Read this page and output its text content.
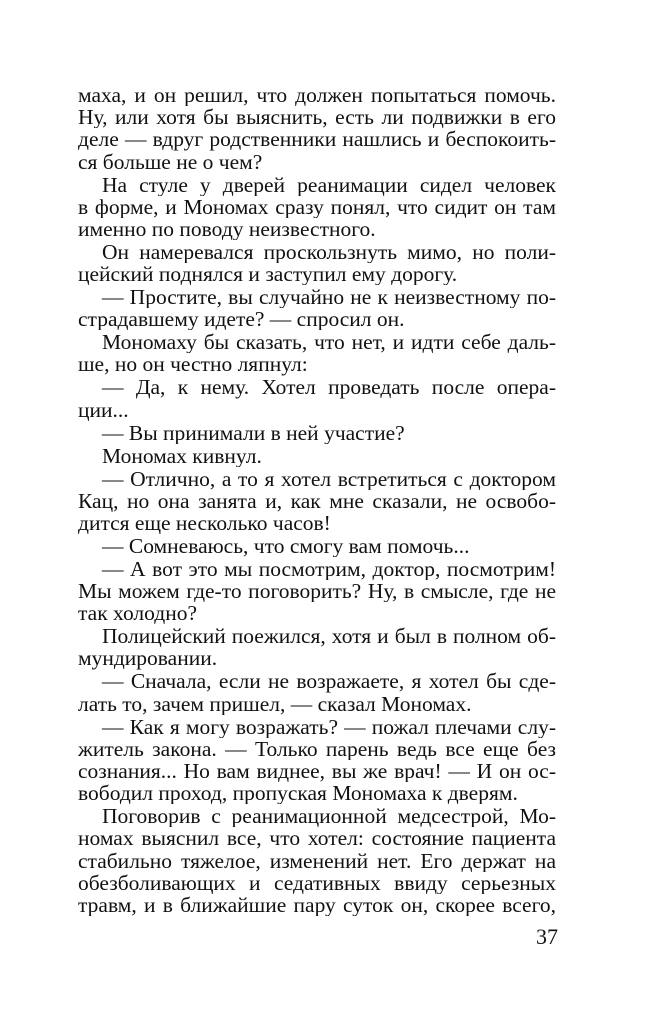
маха, и он решил, что должен попытаться помочь.
Ну, или хотя бы выяснить, есть ли подвижки в его
деле — вдруг родственники нашлись и беспокоить-
ся больше не о чем?
На стуле у дверей реанимации сидел человек
в форме, и Мономах сразу понял, что сидит он там
именно по поводу неизвестного.
Он намеревался проскользнуть мимо, но поли-
цейский поднялся и заступил ему дорогу.
— Простите, вы случайно не к неизвестному по-
страдавшему идете? — спросил он.
Мономаху бы сказать, что нет, и идти себе даль-
ше, но он честно ляпнул:
— Да, к нему. Хотел проведать после опера-
ции...
— Вы принимали в ней участие?
Мономах кивнул.
— Отлично, а то я хотел встретиться с доктором
Кац, но она занята и, как мне сказали, не освобо-
дится еще несколько часов!
— Сомневаюсь, что смогу вам помочь...
— А вот это мы посмотрим, доктор, посмотрим!
Мы можем где-то поговорить? Ну, в смысле, где не
так холодно?
Полицейский поежился, хотя и был в полном об-
мундировании.
— Сначала, если не возражаете, я хотел бы сде-
лать то, зачем пришел, — сказал Мономах.
— Как я могу возражать? — пожал плечами слу-
житель закона. — Только парень ведь все еще без
сознания... Но вам виднее, вы же врач! — И он ос-
вободил проход, пропуская Мономаха к дверям.
Поговорив с реанимационной медсестрой, Мо-
номах выяснил все, что хотел: состояние пациента
стабильно тяжелое, изменений нет. Его держат на
обезболивающих и седативных ввиду серьезных
травм, и в ближайшие пару суток он, скорее всего,
37
